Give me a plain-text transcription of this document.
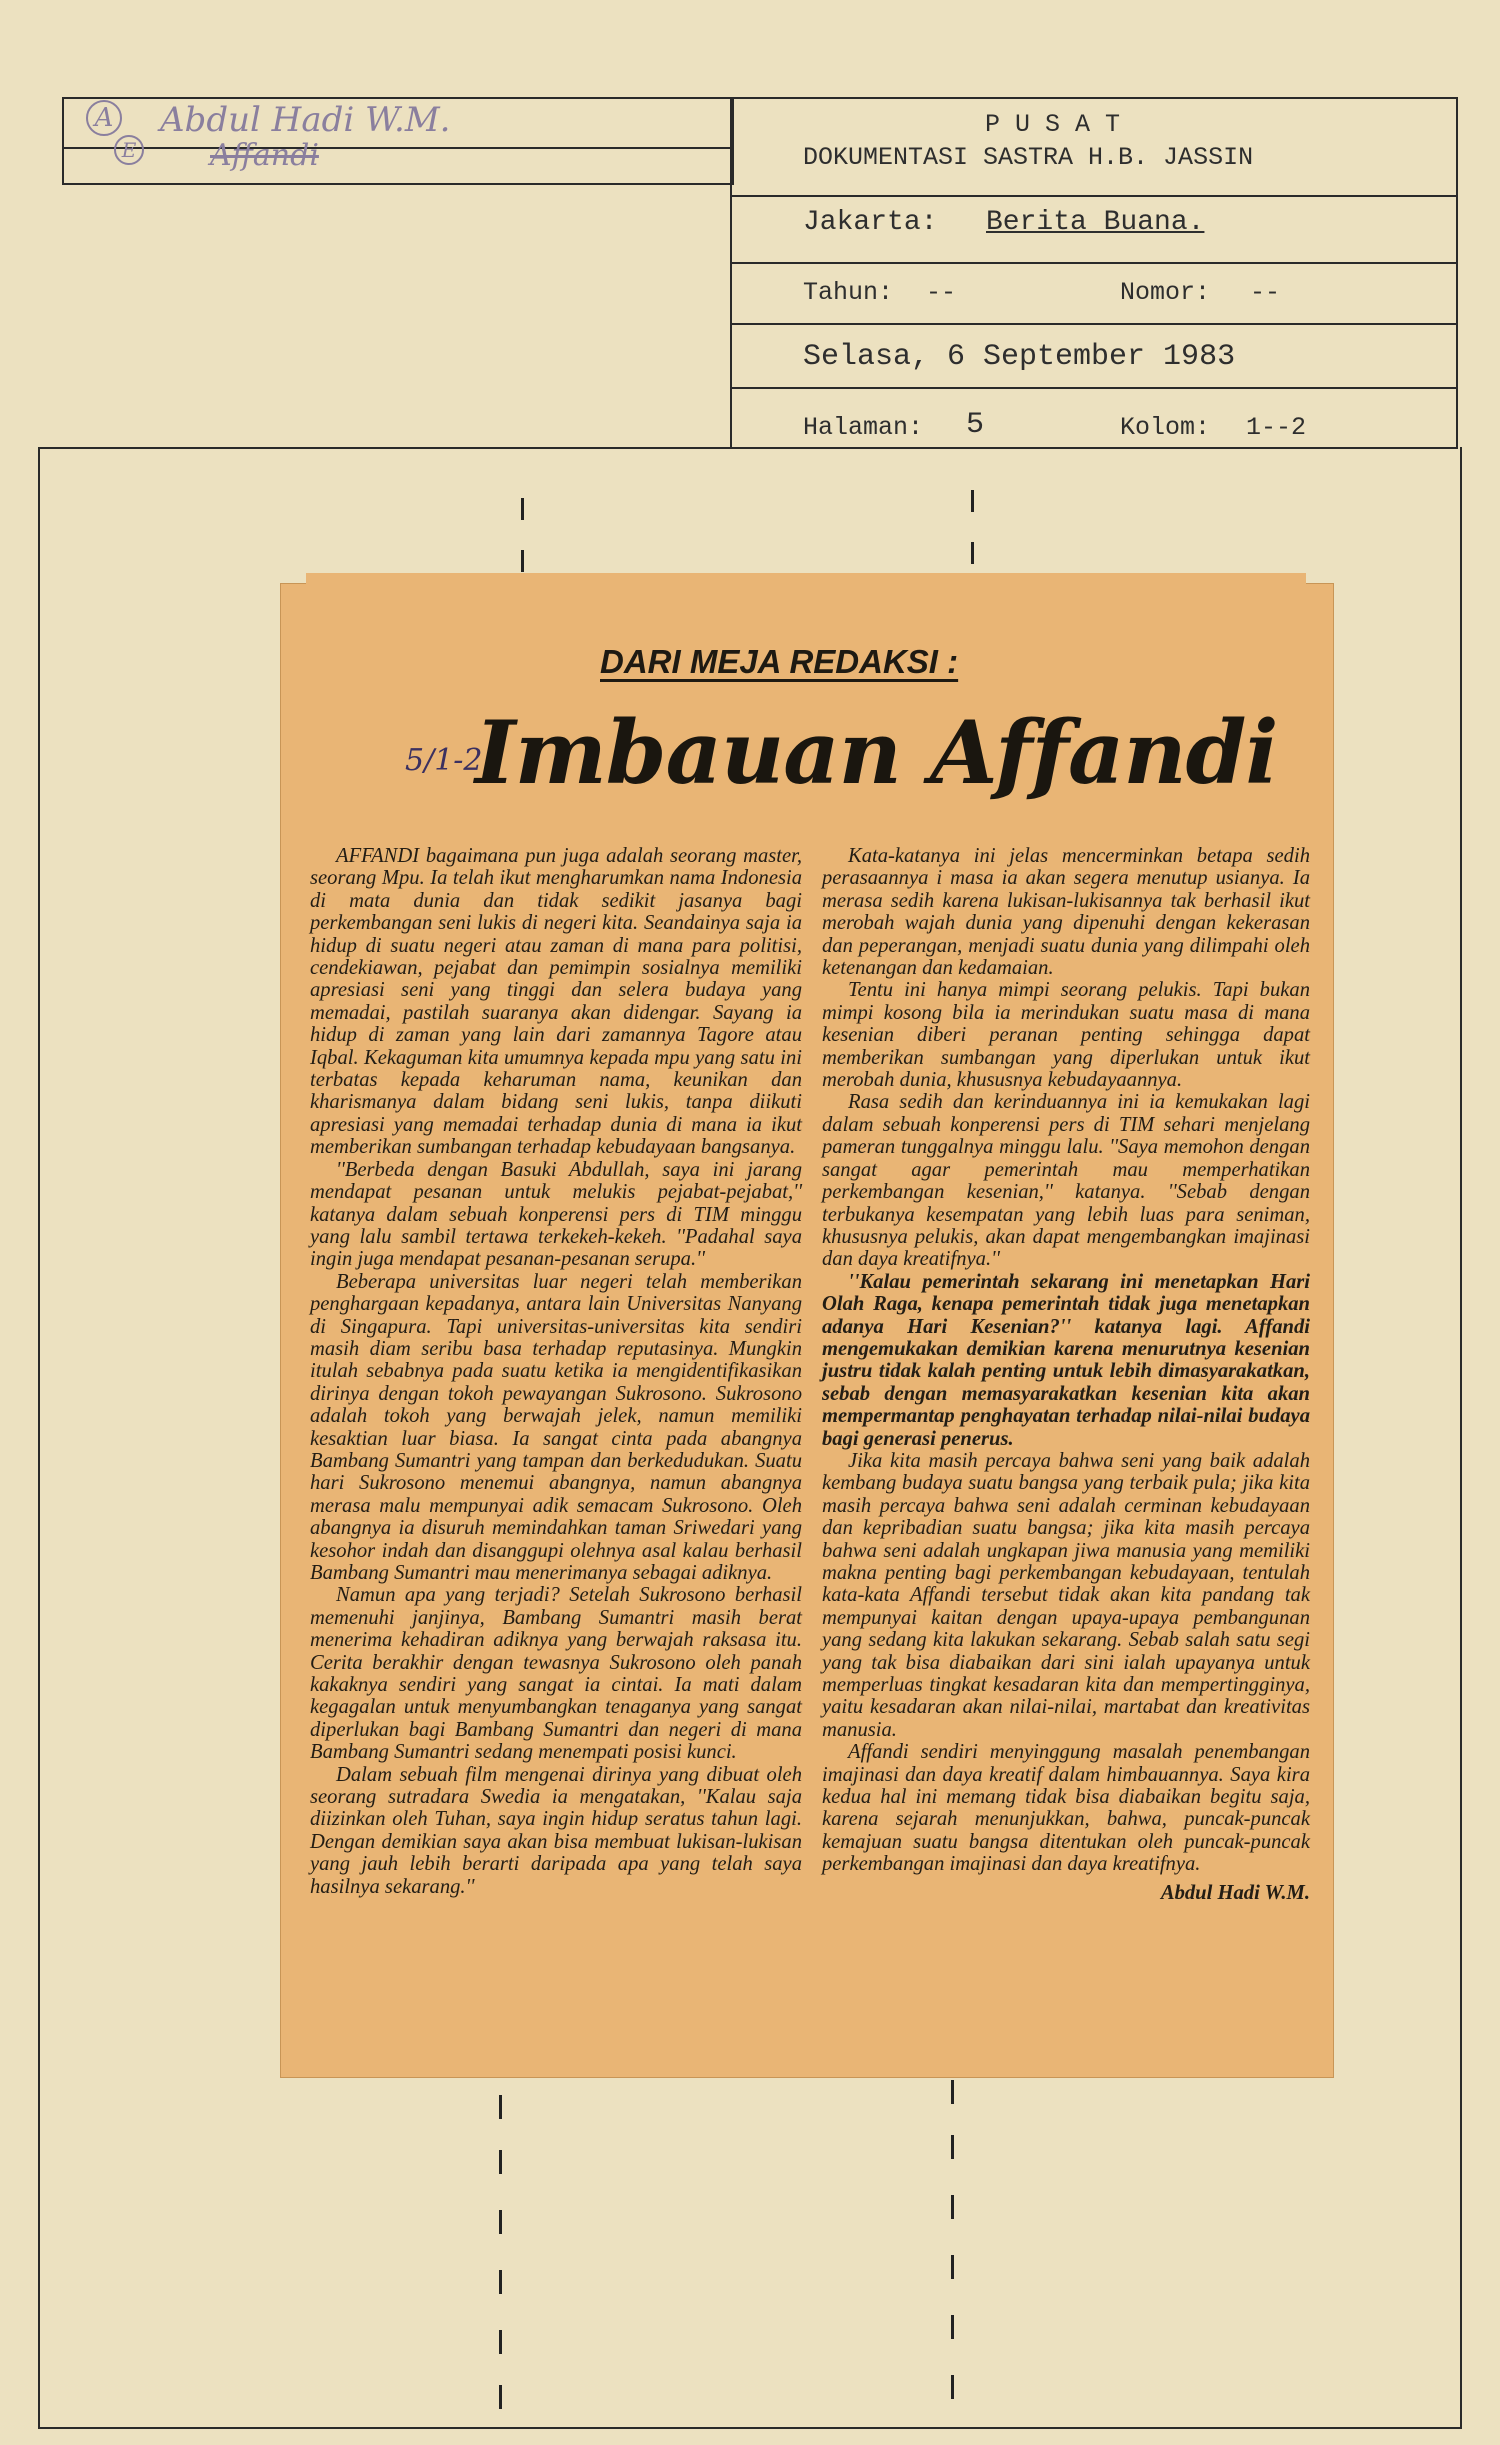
A
E
Abdul Hadi W.M.
Affandi
P U S A T
DOKUMENTASI SASTRA H.B. JASSIN
Jakarta: Berita Buana.
Tahun: --	Nomor: --
Selasa, 6 September 1983
Halaman: 5	Kolom: 1--2
DARI MEJA REDAKSI :
5/1-2
Imbauan Affandi

AFFANDI bagaimana pun juga adalah seorang master, seorang Mpu. Ia telah ikut mengharumkan nama Indonesia di mata dunia dan tidak sedikit jasanya bagi perkembangan seni lukis di negeri kita. Seandainya saja ia hidup di suatu negeri atau zaman di mana para politisi, cendekiawan, pejabat dan pemimpin sosialnya memiliki apresiasi seni yang tinggi dan selera budaya yang memadai, pastilah suaranya akan didengar. Sayang ia hidup di zaman yang lain dari zamannya Tagore atau Iqbal. Kekaguman kita umumnya kepada mpu yang satu ini terbatas kepada keharuman nama, keunikan dan kharismanya dalam bidang seni lukis, tanpa diikuti apresiasi yang memadai terhadap dunia di mana ia ikut memberikan sumbangan terhadap kebudayaan bangsanya.

''Berbeda dengan Basuki Abdullah, saya ini jarang mendapat pesanan untuk melukis pejabat-pejabat,'' katanya dalam sebuah konperensi pers di TIM minggu yang lalu sambil tertawa terkekeh-kekeh. ''Padahal saya ingin juga mendapat pesanan-pesanan serupa.''

Beberapa universitas luar negeri telah memberikan penghargaan kepadanya, antara lain Universitas Nanyang di Singapura. Tapi universitas-universitas kita sendiri masih diam seribu basa terhadap reputasinya. Mungkin itulah sebabnya pada suatu ketika ia mengidentifikasikan dirinya dengan tokoh pewayangan Sukrosono. Sukrosono adalah tokoh yang berwajah jelek, namun memiliki kesaktian luar biasa. Ia sangat cinta pada abangnya Bambang Sumantri yang tampan dan berkedudukan. Suatu hari Sukrosono menemui abangnya, namun abangnya merasa malu mempunyai adik semacam Sukrosono. Oleh abangnya ia disuruh memindahkan taman Sriwedari yang kesohor indah dan disanggupi olehnya asal kalau berhasil Bambang Sumantri mau menerimanya sebagai adiknya.

Namun apa yang terjadi? Setelah Sukrosono berhasil memenuhi janjinya, Bambang Sumantri masih berat menerima kehadiran adiknya yang berwajah raksasa itu. Cerita berakhir dengan tewasnya Sukrosono oleh panah kakaknya sendiri yang sangat ia cintai. Ia mati dalam kegagalan untuk menyumbangkan tenaganya yang sangat diperlukan bagi Bambang Sumantri dan negeri di mana Bambang Sumantri sedang menempati posisi kunci.

Dalam sebuah film mengenai dirinya yang dibuat oleh seorang sutradara Swedia ia mengatakan, ''Kalau saja diizinkan oleh Tuhan, saya ingin hidup seratus tahun lagi. Dengan demikian saya akan bisa membuat lukisan-lukisan yang jauh lebih berarti daripada apa yang telah saya hasilnya sekarang.''

Kata-katanya ini jelas mencerminkan betapa sedih perasaannya i masa ia akan segera menutup usianya. Ia merasa sedih karena lukisan-lukisannya tak berhasil ikut merobah wajah dunia yang dipenuhi dengan kekerasan dan peperangan, menjadi suatu dunia yang dilimpahi oleh ketenangan dan kedamaian.

Tentu ini hanya mimpi seorang pelukis. Tapi bukan mimpi kosong bila ia merindukan suatu masa di mana kesenian diberi peranan penting sehingga dapat memberikan sumbangan yang diperlukan untuk ikut merobah dunia, khususnya kebudayaannya.

Rasa sedih dan kerinduannya ini ia kemukakan lagi dalam sebuah konperensi pers di TIM sehari menjelang pameran tunggalnya minggu lalu. ''Saya memohon dengan sangat agar pemerintah mau memperhatikan perkembangan kesenian,'' katanya. ''Sebab dengan terbukanya kesempatan yang lebih luas para seniman, khususnya pelukis, akan dapat mengembangkan imajinasi dan daya kreatifnya.''

''Kalau pemerintah sekarang ini menetapkan Hari Olah Raga, kenapa pemerintah tidak juga menetapkan adanya Hari Kesenian?'' katanya lagi. Affandi mengemukakan demikian karena menurutnya kesenian justru tidak kalah penting untuk lebih dimasyarakatkan, sebab dengan memasyarakatkan kesenian kita akan mempermantap penghayatan terhadap nilai-nilai budaya bagi generasi penerus.

Jika kita masih percaya bahwa seni yang baik adalah kembang budaya suatu bangsa yang terbaik pula; jika kita masih percaya bahwa seni adalah cerminan kebudayaan dan kepribadian suatu bangsa; jika kita masih percaya bahwa seni adalah ungkapan jiwa manusia yang memiliki makna penting bagi perkembangan kebudayaan, tentulah kata-kata Affandi tersebut tidak akan kita pandang tak mempunyai kaitan dengan upaya-upaya pembangunan yang sedang kita lakukan sekarang. Sebab salah satu segi yang tak bisa diabaikan dari sini ialah upayanya untuk memperluas tingkat kesadaran kita dan mempertingginya, yaitu kesadaran akan nilai-nilai, martabat dan kreativitas manusia.

Affandi sendiri menyinggung masalah penembangan imajinasi dan daya kreatif dalam himbauannya. Saya kira kedua hal ini memang tidak bisa diabaikan begitu saja, karena sejarah menunjukkan, bahwa, puncak-puncak kemajuan suatu bangsa ditentukan oleh puncak-puncak perkembangan imajinasi dan daya kreatifnya.

Abdul Hadi W.M.
